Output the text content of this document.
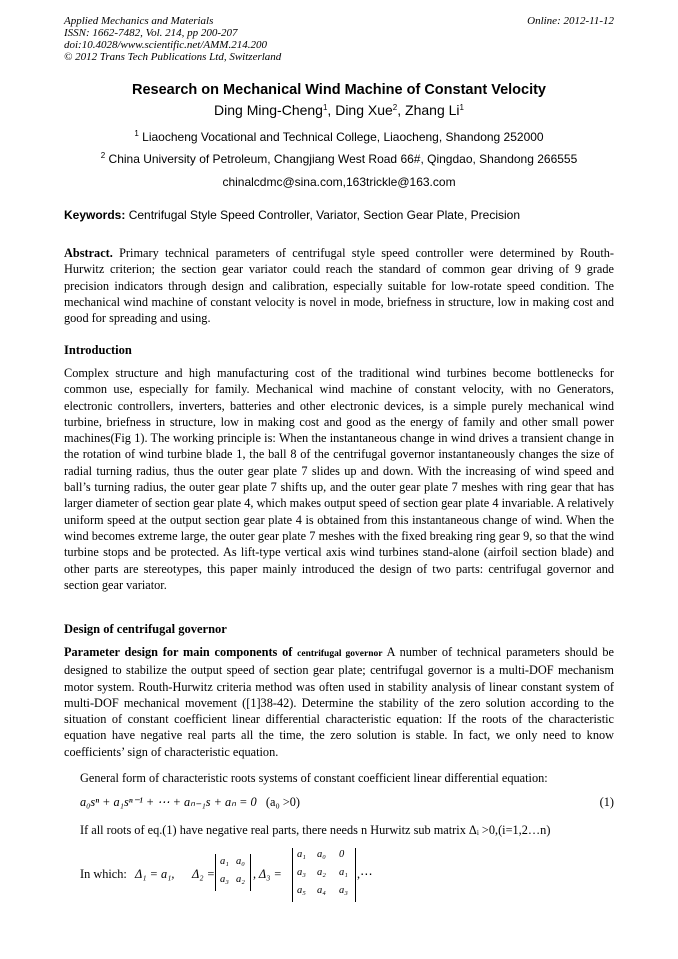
Applied Mechanics and Materials
ISSN: 1662-7482, Vol. 214, pp 200-207
doi:10.4028/www.scientific.net/AMM.214.200
© 2012 Trans Tech Publications Ltd, Switzerland
Online: 2012-11-12
Research on Mechanical Wind Machine of Constant Velocity
Ding Ming-Cheng$^1$, Ding Xue$^2$, Zhang Li$^1$
$^1$ Liaocheng Vocational and Technical College, Liaocheng, Shandong 252000
$^2$ China University of Petroleum, Changjiang West Road 66#, Qingdao, Shandong 266555
chinalcdmc@sina.com,163trickle@163.com
Keywords: Centrifugal Style Speed Controller, Variator, Section Gear Plate, Precision
Abstract. Primary technical parameters of centrifugal style speed controller were determined by Routh-Hurwitz criterion; the section gear variator could reach the standard of common gear driving of 9 grade precision indicators through design and calibration, especially suitable for low-rotate speed condition. The mechanical wind machine of constant velocity is novel in mode, briefness in structure, low in making cost and good for spreading and using.
Introduction
Complex structure and high manufacturing cost of the traditional wind turbines become bottlenecks for common use, especially for family. Mechanical wind machine of constant velocity, with no Generators, electronic controllers, inverters, batteries and other electronic devices, is a simple purely mechanical wind turbine, briefness in structure, low in making cost and good as the energy of family and other small power machines(Fig 1). The working principle is: When the instantaneous change in wind drives a transient change in the rotation of wind turbine blade 1, the ball 8 of the centrifugal governor instantaneously changes the size of radial turning radius, thus the outer gear plate 7 slides up and down. With the increasing of wind speed and ball’s turning radius, the outer gear plate 7 shifts up, and the outer gear plate 7 meshes with ring gear that has larger diameter of section gear plate 4, which makes output speed of section gear plate 4 invariable. A relatively uniform speed at the output section gear plate 4 is obtained from this instantaneous change of wind. When the wind becomes extreme large, the outer gear plate 7 meshes with the fixed breaking ring gear 9, so that the wind turbine stops and be protected. As lift-type vertical axis wind turbines stand-alone (airfoil section blade) and other parts are stereotypes, this paper mainly introduced the design of two parts: centrifugal governor and section gear variator.
Design of centrifugal governor
Parameter design for main components of centrifugal governor A number of technical parameters should be designed to stabilize the output speed of section gear plate; centrifugal governor is a multi-DOF mechanism motor system. Routh-Hurwitz criteria method was often used in stability analysis of linear constant system of multi-DOF mechanical movement ([1]38-42). Determine the stability of the zero solution according to the situation of constant coefficient linear differential characteristic equation: If the roots of the characteristic equation have negative real parts all the time, the zero solution is stable. In fact, we only need to know coefficients’ sign of characteristic equation.
General form of characteristic roots systems of constant coefficient linear differential equation:
a₀sⁿ + a₁sⁿ⁻¹ + ⋯ + aₙ₋₁s + aₙ = 0 (a₀ >0)	(1)
If all roots of eq.(1) have negative real parts, there needs n Hurwitz sub matrix Δᵢ >0,(i=1,2…n)
In which: Δ₁ = a₁, Δ₂ =
a₁ a₀
a₃ a₂ , Δ₃ =
a₁ a₀ 0
a₃ a₂ a₁
a₅ a₄ a₃
,⋯
